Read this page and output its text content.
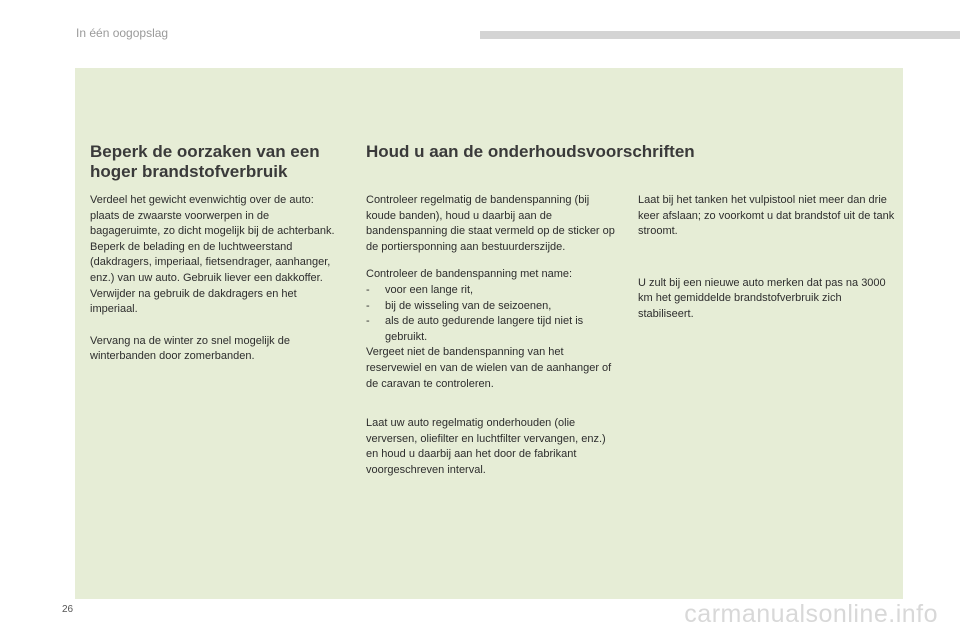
In één oogopslag
Beperk de oorzaken van een hoger brandstofverbruik
Houd u aan de onderhoudsvoorschriften

Verdeel het gewicht evenwichtig over de auto: plaats de zwaarste voorwerpen in de bagageruimte, zo dicht mogelijk bij de achterbank.

Beperk de belading en de luchtweerstand (dakdragers, imperiaal, fietsendrager, aanhanger, enz.) van uw auto. Gebruik liever een dakkoffer.

Verwijder na gebruik de dakdragers en het imperiaal.

Vervang na de winter zo snel mogelijk de winterbanden door zomerbanden.

Controleer regelmatig de bandenspanning (bij koude banden), houd u daarbij aan de bandenspanning die staat vermeld op de sticker op de portiersponning aan bestuurderszijde.

Controleer de bandenspanning met name:

- voor een lange rit,
- bij de wisseling van de seizoenen,
- als de auto gedurende langere tijd niet is gebruikt.

Vergeet niet de bandenspanning van het reservewiel en van de wielen van de aanhanger of de caravan te controleren.

Laat uw auto regelmatig onderhouden (olie verversen, oliefilter en luchtfilter vervangen, enz.) en houd u daarbij aan het door de fabrikant voorgeschreven interval.

Laat bij het tanken het vulpistool niet meer dan drie keer afslaan; zo voorkomt u dat brandstof uit de tank stroomt.

U zult bij een nieuwe auto merken dat pas na 3000 km het gemiddelde brandstofverbruik zich stabiliseert.

26	carmanualsonline.info
